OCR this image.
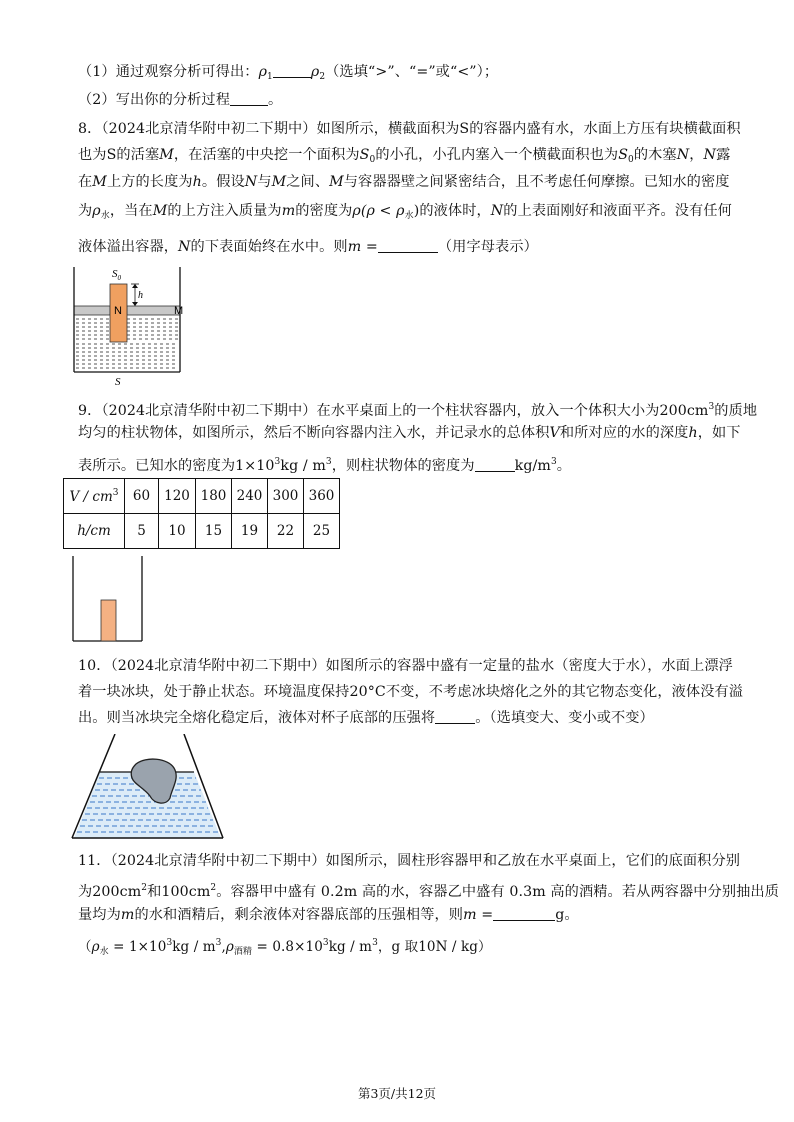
（1）通过观察分析可得出：$\rho_1$	$\rho_2$（选填“>”、“=”或“<”）；
（2）写出你的分析过程	。
8．（2024北京清华附中初二下期中）如图所示，横截面积为S的容器内盛有水，水面上方压有块横截面积
也为S的活塞M，在活塞的中央挖一个面积为$S_0$的小孔，小孔内塞入一个横截面积也为$S_0$的木塞N，N露
在M上方的长度为h。假设N与M之间、M与容器器壁之间紧密结合，且不考虑任何摩擦。已知水的密度
为$\rho_水$，当在M的上方注入质量为m的密度为$\rho(\rho < \rho_水)$的液体时，N的上表面刚好和液面平齐。没有任何
液体溢出容器，N的下表面始终在水中。则m =	（用字母表示）
$S_0$
h
N	M
S
9．（2024北京清华附中初二下期中）在水平桌面上的一个柱状容器内，放入一个体积大小为$200cm^3$的质地
均匀的柱状物体，如图所示，然后不断向容器内注入水，并记录水的总体积V和所对应的水的深度h，如下
表所示。已知水的密度为$1\times 10^3kg / m^3$，则柱状物体的密度为	$kg/m^3$。
V / $cm^3$	60	120	180	240	300	360
h/cm	5	10	15	19	22	25
10．（2024北京清华附中初二下期中）如图所示的容器中盛有一定量的盐水（密度大于水），水面上漂浮
着一块冰块，处于静止状态。环境温度保持20°C不变，不考虑冰块熔化之外的其它物态变化，液体没有溢
出。则当冰块完全熔化稳定后，液体对杯子底部的压强将	。（选填变大、变小或不变）
11．（2024北京清华附中初二下期中）如图所示，圆柱形容器甲和乙放在水平桌面上，它们的底面积分别
为$200cm^2$和$100cm^2$。容器甲中盛有 0.2m 高的水，容器乙中盛有 0.3m 高的酒精。若从两容器中分别抽出质
量均为m的水和酒精后，剩余液体对容器底部的压强相等，则m =	g。
（$\rho_水 = 1\times 10^3kg / m^3,\rho_{酒精} = 0.8\times 10^3kg / m^3$，g 取10N / kg）
第3页/共12页
